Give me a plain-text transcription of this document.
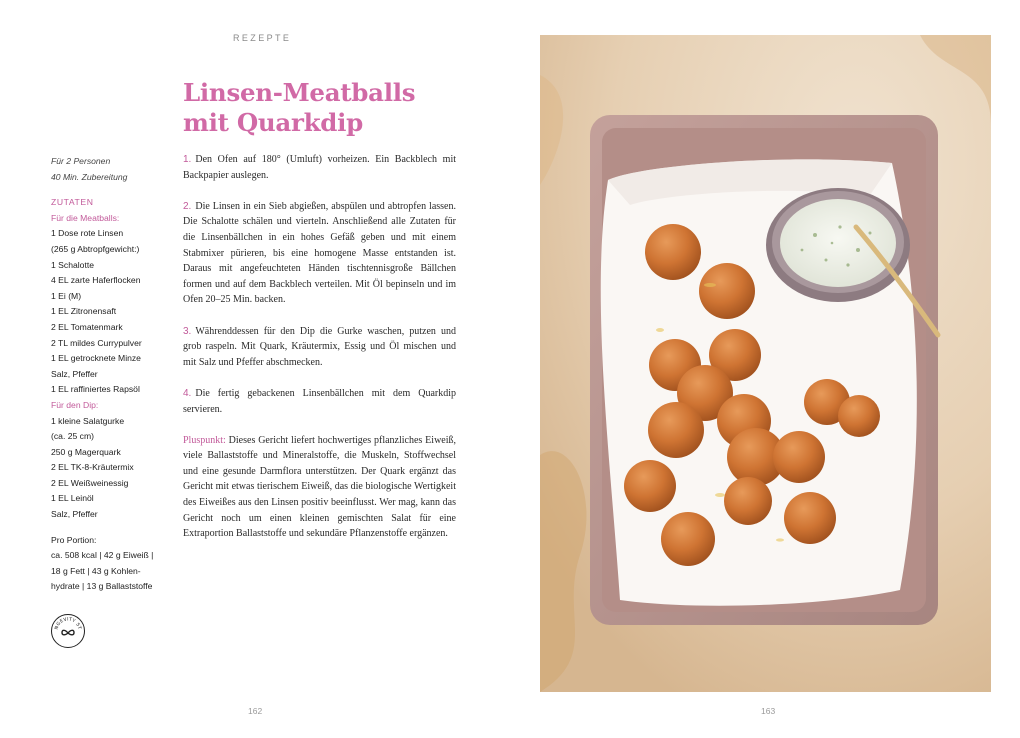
REZEPTE
Linsen-Meatballs
mit Quarkdip
Für 2 Personen
40 Min. Zubereitung
ZUTATEN
Für die Meatballs:
1 Dose rote Linsen
(265 g Abtropfgewicht:)
1 Schalotte
4 EL zarte Haferflocken
1 Ei (M)
1 EL Zitronensaft
2 EL Tomatenmark
2 TL mildes Currypulver
1 EL getrocknete Minze
Salz, Pfeffer
1 EL raffiniertes Rapsöl
Für den Dip:
1 kleine Salatgurke
(ca. 25 cm)
250 g Magerquark
2 EL TK-8-Kräutermix
2 EL Weißweinessig
1 EL Leinöl
Salz, Pfeffer
Pro Portion:
ca. 508 kcal | 42 g Eiweiß |
18 g Fett | 43 g Kohlen-
hydrate | 13 g Ballaststoffe
NGEVITY ST

1. Den Ofen auf 180° (Umluft) vorheizen. Ein Backblech mit Backpapier auslegen.

2. Die Linsen in ein Sieb abgießen, abspülen und abtropfen lassen. Die Schalotte schälen und vierteln. Anschließend alle Zutaten für die Linsenbällchen in ein hohes Gefäß geben und mit einem Stabmixer pürieren, bis eine homogene Masse entstanden ist. Daraus mit angefeuchteten Händen tischtennisgroße Bällchen formen und auf dem Backblech verteilen. Mit Öl bepinseln und im Ofen 20–25 Min. backen.

3. Währenddessen für den Dip die Gurke waschen, putzen und grob raspeln. Mit Quark, Kräutermix, Essig und Öl mischen und mit Salz und Pfeffer abschmecken.

4. Die fertig gebackenen Linsenbällchen mit dem Quarkdip servieren.

Pluspunkt: Dieses Gericht liefert hochwertiges pflanzliches Eiweiß, viele Ballaststoffe und Mineralstoffe, die Muskeln, Stoffwechsel und eine gesunde Darmflora unterstützen. Der Quark ergänzt das Gericht mit etwas tierischem Eiweiß, das die biologische Wertigkeit des Eiweißes aus den Linsen positiv beeinflusst. Wer mag, kann das Gericht noch um einen kleinen gemischten Salat für eine Extraportion Ballaststoffe und sekundäre Pflanzenstoffe ergänzen.

162	163
